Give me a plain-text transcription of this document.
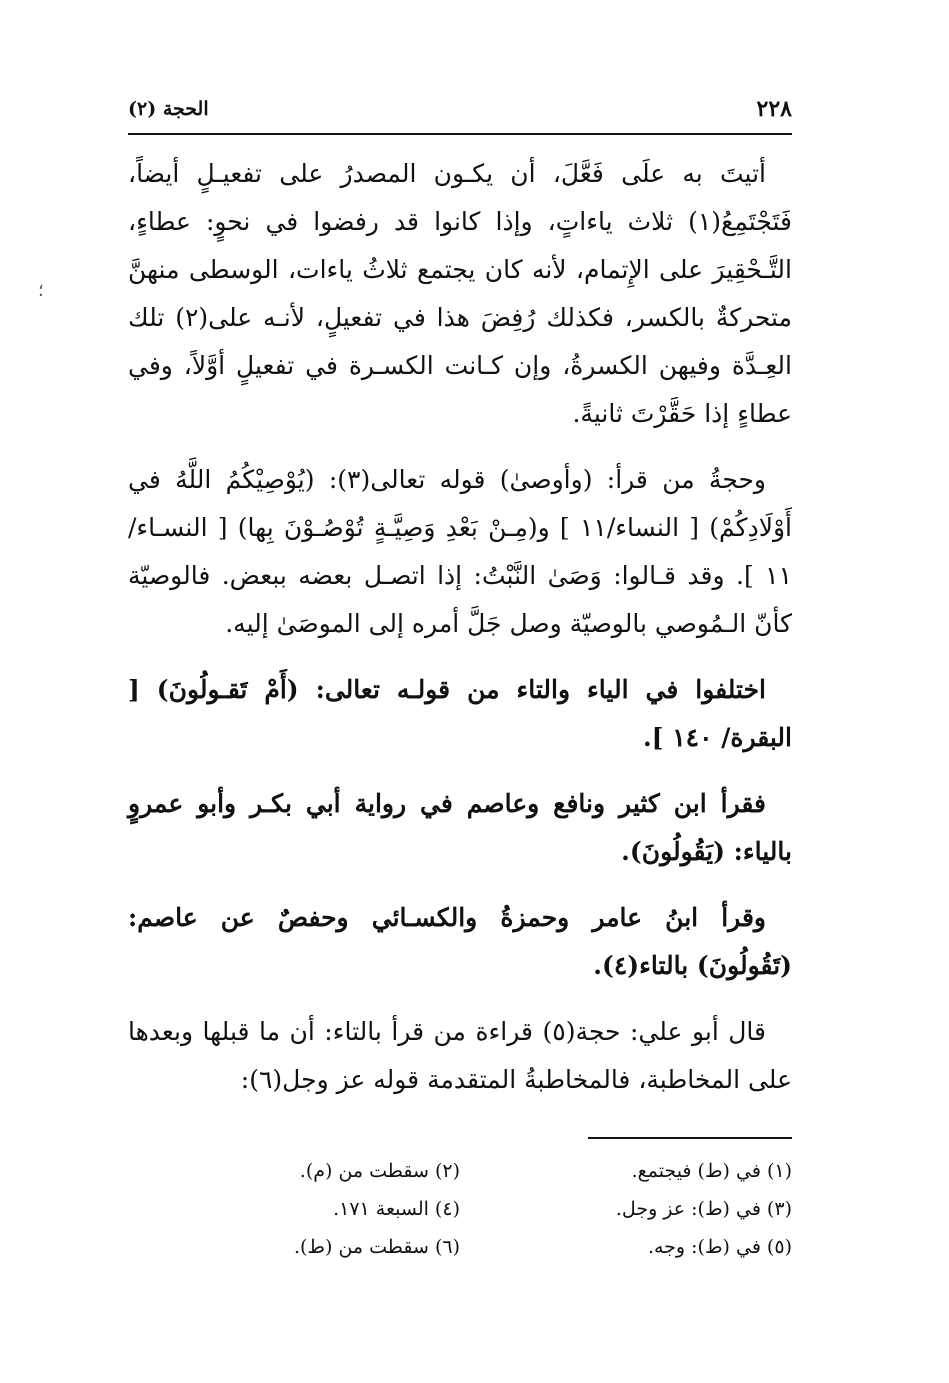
٢٢٨
الحجة (٢)
؛

أتيتَ به علَى فَعَّلَ، أن يكـون المصدرُ على تفعيـلٍ أيضاً، فَتَجْتَمِعُ(١) ثلاث ياءاتٍ، وإذا كانوا قد رفضوا في نحوٍ: عطاءٍ، التَّـحْقِيرَ على الإِتمام، لأنه كان يجتمع ثلاثُ ياءات، الوسطى منهنَّ متحركةٌ بالكسر، فكذلك رُفِضَ هذا في تفعيلٍ، لأنـه على(٢) تلك العِـدَّة وفيهن الكسرةُ، وإن كـانت الكسـرة في تفعيلٍ أوَّلاً، وفي عطاءٍ إذا حَقَّرْتَ ثانيةً.

وحجةُ من قرأ: (وأوصىٰ) قوله تعالى(٣): (يُوْصِيْكُمُ اللَّهُ في أَوْلَادِكُمْ) [ النساء/١١ ] و(مِـنْ بَعْدِ وَصِيَّـةٍ تُوْصُـوْنَ بِها) [ النسـاء/١١ ]. وقد قـالوا: وَصَىٰ النَّبْتُ: إذا اتصـل بعضه ببعض. فالوصيّة كأنّ الـمُوصي بالوصيّة وصل جَلَّ أمره إلى الموصَىٰ إليه.

اختلفوا في الياء والتاء من قولـه تعالى: (أَمْ تَقـولُونَ) [ البقرة/ ١٤٠ ].

فقرأ ابن كثير ونافع وعاصم في رواية أبي بكـر وأبو عمروٍ بالياء: (يَقُولُونَ).

وقرأ ابنُ عامر وحمزةُ والكسـائي وحفصٌ عن عاصم: (تَقُولُونَ) بالتاء(٤).

قال أبو علي: حجة(٥) قراءة من قرأ بالتاء: أن ما قبلها وبعدها على المخاطبة، فالمخاطبةُ المتقدمة قوله عز وجل(٦):

(١) في (ط) فيجتمع.
(٢) سقطت من (م).
(٣) في (ط): عز وجل.
(٤) السبعة ١٧١.
(٥) في (ط): وجه.
(٦) سقطت من (ط).
